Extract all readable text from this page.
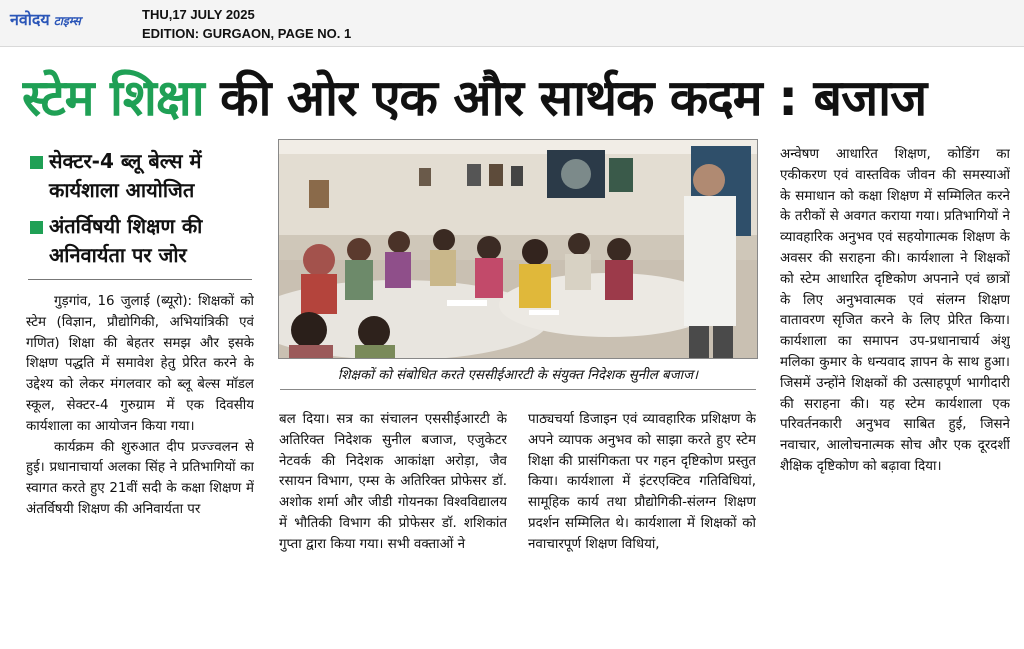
नवोदय टाइम्स	THU,17 JULY 2025
EDITION: GURGAON, PAGE NO. 1
स्टेम शिक्षा की ओर एक और सार्थक कदम : बजाज
सेक्टर-4 ब्लू बेल्स में
कार्यशाला आयोजित
अंतर्विषयी शिक्षण की
अनिवार्यता पर जोर

गुड़गांव, 16 जुलाई (ब्यूरो): शिक्षकों को स्टेम (विज्ञान, प्रौद्योगिकी, अभियांत्रिकी एवं गणित) शिक्षा की बेहतर समझ और इसके शिक्षण पद्धति में समावेश हेतु प्रेरित करने के उद्देश्य को लेकर मंगलवार को ब्लू बेल्स मॉडल स्कूल, सेक्टर-4 गुरुग्राम में एक दिवसीय कार्यशाला का आयोजन किया गया।

कार्यक्रम की शुरुआत दीप प्रज्ज्वलन से हुई। प्रधानाचार्या अलका सिंह ने प्रतिभागियों का स्वागत करते हुए 21वीं सदी के कक्षा शिक्षण में अंतर्विषयी शिक्षण की अनिवार्यता पर

शिक्षकों को संबोधित करते एससीईआरटी के संयुक्त निदेशक सुनील बजाज।

बल दिया। सत्र का संचालन एससीईआरटी के अतिरिक्त निदेशक सुनील बजाज, एजुकेटर नेटवर्क की निदेशक आकांक्षा अरोड़ा, जैव रसायन विभाग, एम्स के अतिरिक्त प्रोफेसर डॉ. अशोक शर्मा और जीडी गोयनका विश्वविद्यालय में भौतिकी विभाग की प्रोफेसर डॉ. शशिकांत गुप्ता द्वारा किया गया। सभी वक्ताओं ने

पाठ्यचर्या डिजाइन एवं व्यावहारिक प्रशिक्षण के अपने व्यापक अनुभव को साझा करते हुए स्टेम शिक्षा की प्रासंगिकता पर गहन दृष्टिकोण प्रस्तुत किया। कार्यशाला में इंटरएक्टिव गतिविधियां, सामूहिक कार्य तथा प्रौद्योगिकी-संलग्न शिक्षण प्रदर्शन सम्मिलित थे। कार्यशाला में शिक्षकों को नवाचारपूर्ण शिक्षण विधियां,

अन्वेषण आधारित शिक्षण, कोडिंग का एकीकरण एवं वास्तविक जीवन की समस्याओं के समाधान को कक्षा शिक्षण में सम्मिलित करने के तरीकों से अवगत कराया गया। प्रतिभागियों ने व्यावहारिक अनुभव एवं सहयोगात्मक शिक्षण के अवसर की सराहना की। कार्यशाला ने शिक्षकों को स्टेम आधारित दृष्टिकोण अपनाने एवं छात्रों के लिए अनुभवात्मक एवं संलग्न शिक्षण वातावरण सृजित करने के लिए प्रेरित किया। कार्यशाला का समापन उप-प्रधानाचार्य अंशु मलिका कुमार के धन्यवाद ज्ञापन के साथ हुआ। जिसमें उन्होंने शिक्षकों की उत्साहपूर्ण भागीदारी की सराहना की। यह स्टेम कार्यशाला एक परिवर्तनकारी अनुभव साबित हुई, जिसने नवाचार, आलोचनात्मक सोच और एक दूरदर्शी शैक्षिक दृष्टिकोण को बढ़ावा दिया।
